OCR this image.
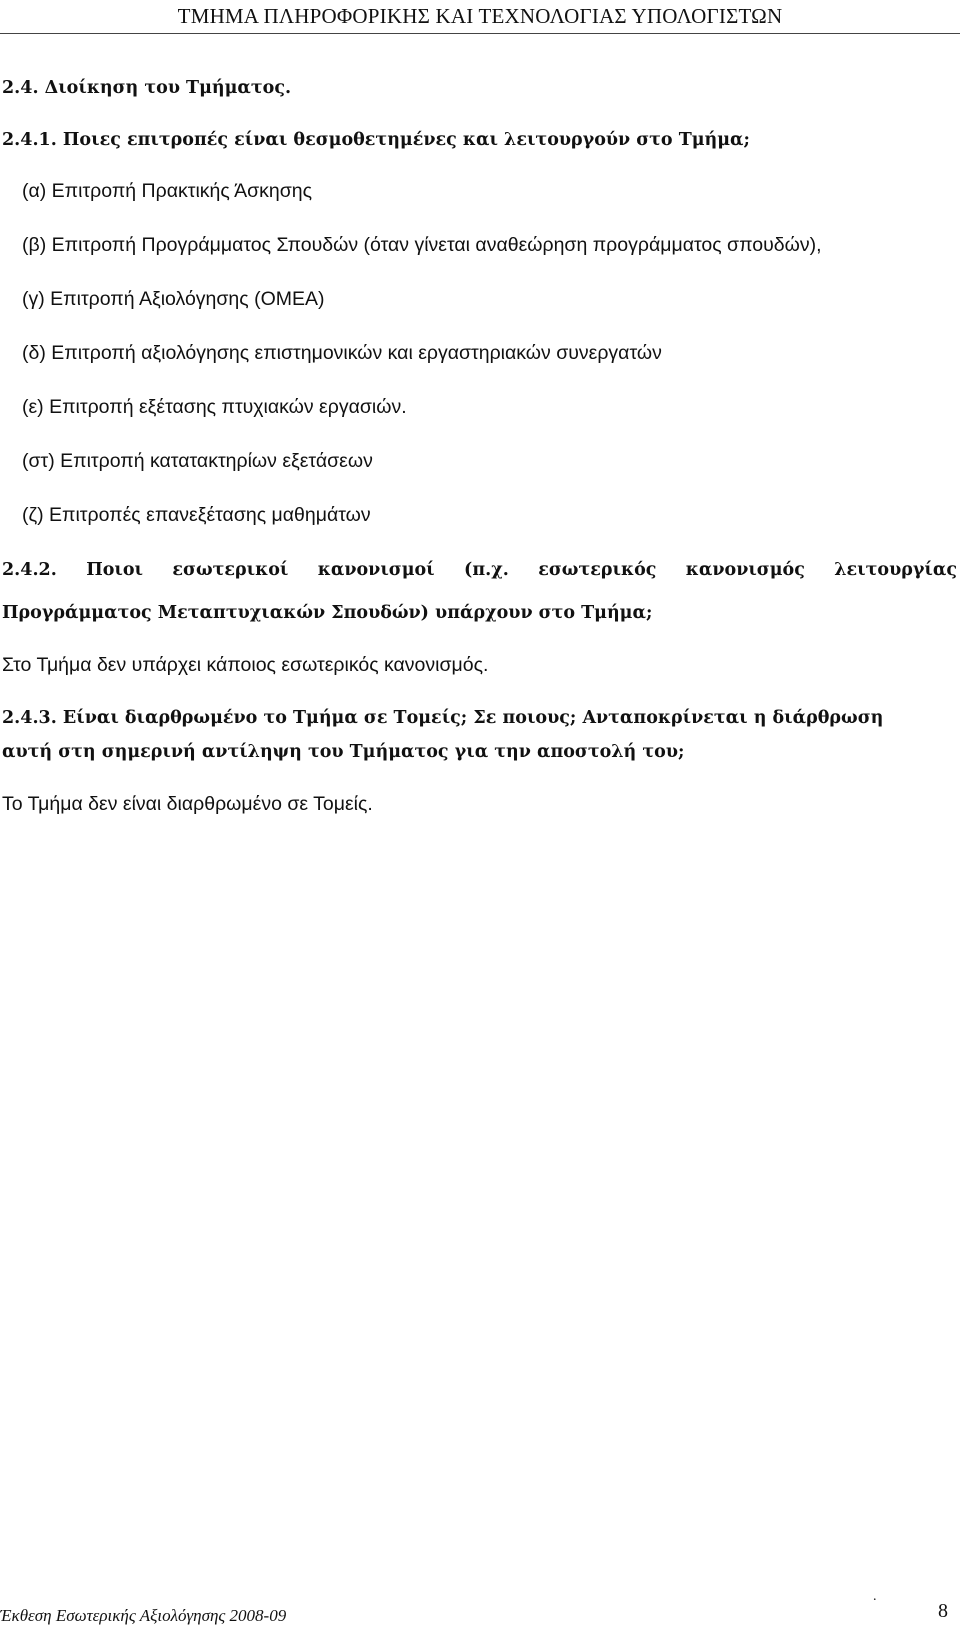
ΤΜΗΜΑ ΠΛΗΡΟΦΟΡΙΚΗΣ ΚΑΙ ΤΕΧΝΟΛΟΓΙΑΣ ΥΠΟΛΟΓΙΣΤΩΝ
2.4. Διοίκηση του Τμήματος.
2.4.1. Ποιες επιτροπές είναι θεσμοθετημένες και λειτουργούν στο Τμήμα;
(α) Επιτροπή Πρακτικής Άσκησης
(β) Επιτροπή Προγράμματος Σπουδών (όταν γίνεται αναθεώρηση προγράμματος σπουδών),
(γ) Επιτροπή Αξιολόγησης (ΟΜΕΑ)
(δ) Επιτροπή αξιολόγησης επιστημονικών και εργαστηριακών συνεργατών
(ε) Επιτροπή εξέτασης πτυχιακών εργασιών.
(στ) Επιτροπή κατατακτηρίων εξετάσεων
(ζ) Επιτροπές επανεξέτασης μαθημάτων
2.4.2. Ποιοι εσωτερικοί κανονισμοί (π.χ. εσωτερικός κανονισμός λειτουργίας
Προγράμματος Μεταπτυχιακών Σπουδών) υπάρχουν στο Τμήμα;
Στο Τμήμα δεν υπάρχει κάποιος εσωτερικός κανονισμός.
2.4.3. Είναι διαρθρωμένο το Τμήμα σε Τομείς; Σε ποιους; Ανταποκρίνεται η διάρθρωση
αυτή στη σημερινή αντίληψη του Τμήματος για την αποστολή του;
Το Τμήμα δεν είναι διαρθρωμένο σε Τομείς.
.
Έκθεση Εσωτερικής Αξιολόγησης 2008-09	8
